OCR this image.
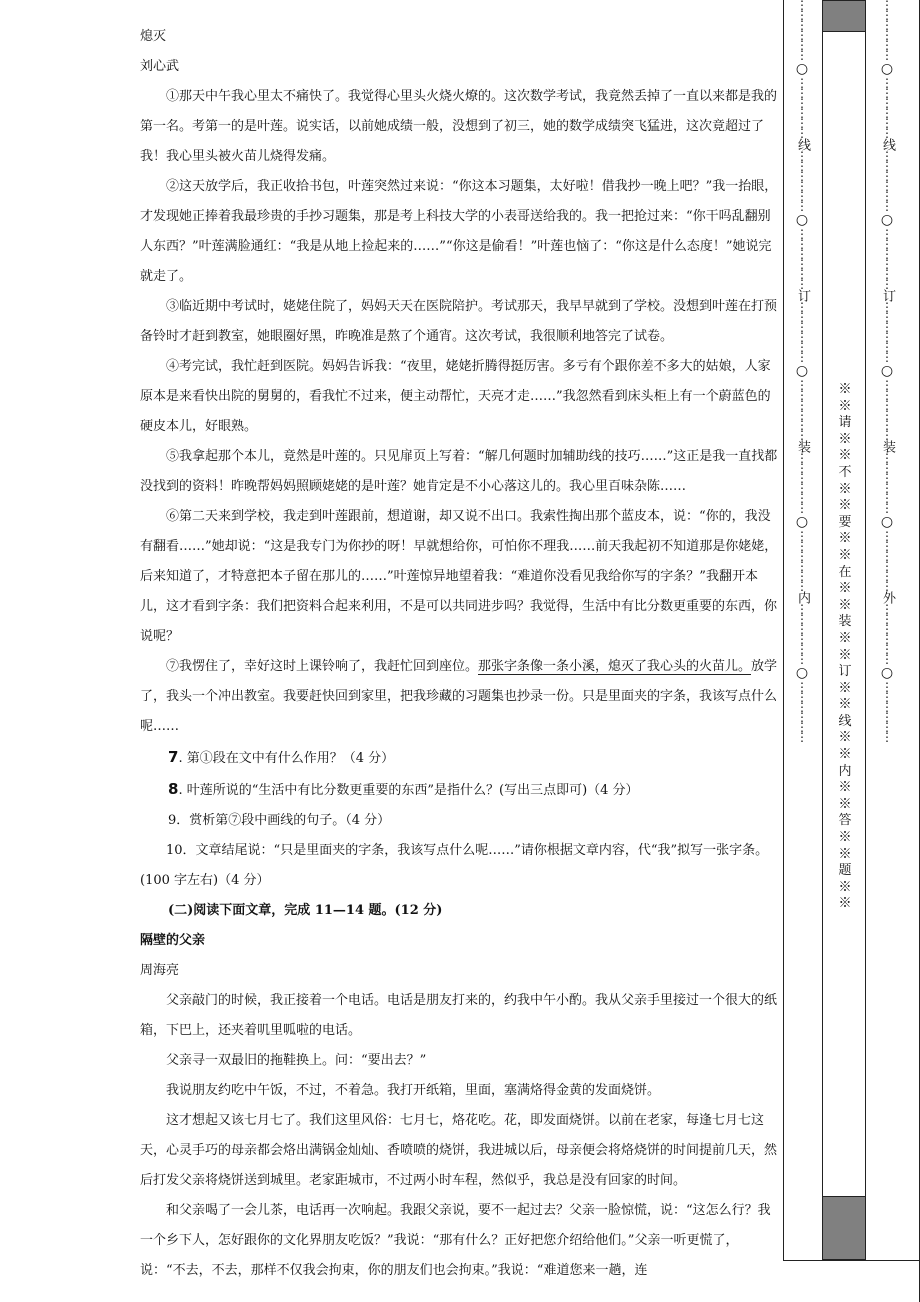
熄灭

刘心武

①那天中午我心里太不痛快了。我觉得心里头火烧火燎的。这次数学考试，我竟然丢掉了一直以来都是我的第一名。考第一的是叶莲。说实话，以前她成绩一般，没想到了初三，她的数学成绩突飞猛进，这次竟超过了我！我心里头被火苗儿烧得发痛。

②这天放学后，我正收拾书包，叶莲突然过来说：“你这本习题集，太好啦！借我抄一晚上吧？”我一抬眼，才发现她正捧着我最珍贵的手抄习题集，那是考上科技大学的小表哥送给我的。我一把抢过来：“你干吗乱翻别人东西？”叶莲满脸通红：“我是从地上捡起来的……”“你这是偷看！”叶莲也恼了：“你这是什么态度！”她说完就走了。

③临近期中考试时，姥姥住院了，妈妈天天在医院陪护。考试那天，我早早就到了学校。没想到叶莲在打预备铃时才赶到教室，她眼圈好黑，昨晚准是熬了个通宵。这次考试，我很顺利地答完了试卷。

④考完试，我忙赶到医院。妈妈告诉我：“夜里，姥姥折腾得挺厉害。多亏有个跟你差不多大的姑娘，人家原本是来看快出院的舅舅的，看我忙不过来，便主动帮忙，天亮才走……”我忽然看到床头柜上有一个蔚蓝色的硬皮本儿，好眼熟。

⑤我拿起那个本儿，竟然是叶莲的。只见扉页上写着：“解几何题时加辅助线的技巧……”这正是我一直找都没找到的资料！昨晚帮妈妈照顾姥姥的是叶莲？她肯定是不小心落这儿的。我心里百味杂陈……

⑥第二天来到学校，我走到叶莲跟前，想道谢，却又说不出口。我索性掏出那个蓝皮本，说：“你的，我没有翻看……”她却说：“这是我专门为你抄的呀！早就想给你，可怕你不理我……前天我起初不知道那是你姥姥，后来知道了，才特意把本子留在那儿的……”叶莲惊异地望着我：“难道你没看见我给你写的字条？”我翻开本儿，这才看到字条：我们把资料合起来利用，不是可以共同进步吗？我觉得，生活中有比分数更重要的东西，你说呢？

⑦我愣住了，幸好这时上课铃响了，我赶忙回到座位。那张字条像一条小溪，熄灭了我心头的火苗儿。放学了，我头一个冲出教室。我要赶快回到家里，把我珍藏的习题集也抄录一份。只是里面夹的字条，我该写点什么呢……

7. 第①段在文中有什么作用？（4 分）

8. 叶莲所说的“生活中有比分数更重要的东西”是指什么？(写出三点即可)（4 分）

9．赏析第⑦段中画线的句子。（4 分）

10．文章结尾说：“只是里面夹的字条，我该写点什么呢……”请你根据文章内容，代“我”拟写一张字条。(100 字左右)（4 分）

(二)阅读下面文章，完成 11—14 题。(12 分)

隔壁的父亲

周海亮

父亲敲门的时候，我正接着一个电话。电话是朋友打来的，约我中午小酌。我从父亲手里接过一个很大的纸箱，下巴上，还夹着叽里呱啦的电话。

父亲寻一双最旧的拖鞋换上。问：“要出去？”

我说朋友约吃中午饭，不过，不着急。我打开纸箱，里面，塞满烙得金黄的发面烧饼。

这才想起又该七月七了。我们这里风俗：七月七，烙花吃。花，即发面烧饼。以前在老家，每逢七月七这天，心灵手巧的母亲都会烙出满锅金灿灿、香喷喷的烧饼，我进城以后，母亲便会将烙烧饼的时间提前几天，然后打发父亲将烧饼送到城里。老家距城市，不过两小时车程，然似乎，我总是没有回家的时间。

和父亲喝了一会儿茶，电话再一次响起。我跟父亲说，要不一起过去？父亲一脸惊慌，说：“这怎么行？我一个乡下人，怎好跟你的文化界朋友吃饭？”我说：“那有什么？正好把您介绍给他们。”父亲一听更慌了，说：“不去，不去，那样不仅我会拘束，你的朋友们也会拘束。”我说：“难道您来一趟，连

⋮
⋮
⋮
⋮
⋮
⋮
○
⋮
⋮
⋮
⋮
⋮
⋮
线
⋮
⋮
⋮
⋮
⋮
⋮
○
⋮
⋮
⋮
⋮
⋮
⋮
订
⋮
⋮
⋮
⋮
⋮
⋮
○
⋮
⋮
⋮
⋮
⋮
⋮
装
⋮
⋮
⋮
⋮
⋮
⋮
○
⋮
⋮
⋮
⋮
⋮
⋮
内
⋮
⋮
⋮
⋮
⋮
⋮
○
⋮
⋮
⋮
⋮
⋮
⋮
⋮
⋮
⋮
⋮
⋮
⋮
○
⋮
⋮
⋮
⋮
⋮
⋮
线
⋮
⋮
⋮
⋮
⋮
⋮
○
⋮
⋮
⋮
⋮
⋮
⋮
订
⋮
⋮
⋮
⋮
⋮
⋮
○
⋮
⋮
⋮
⋮
⋮
⋮
装
⋮
⋮
⋮
⋮
⋮
⋮
○
⋮
⋮
⋮
⋮
⋮
⋮
外
⋮
⋮
⋮
⋮
⋮
⋮
○
⋮
⋮
⋮
⋮
⋮
⋮
※※请※※不※※要※※在※※装※※订※※线※※内※※答※※题※※
